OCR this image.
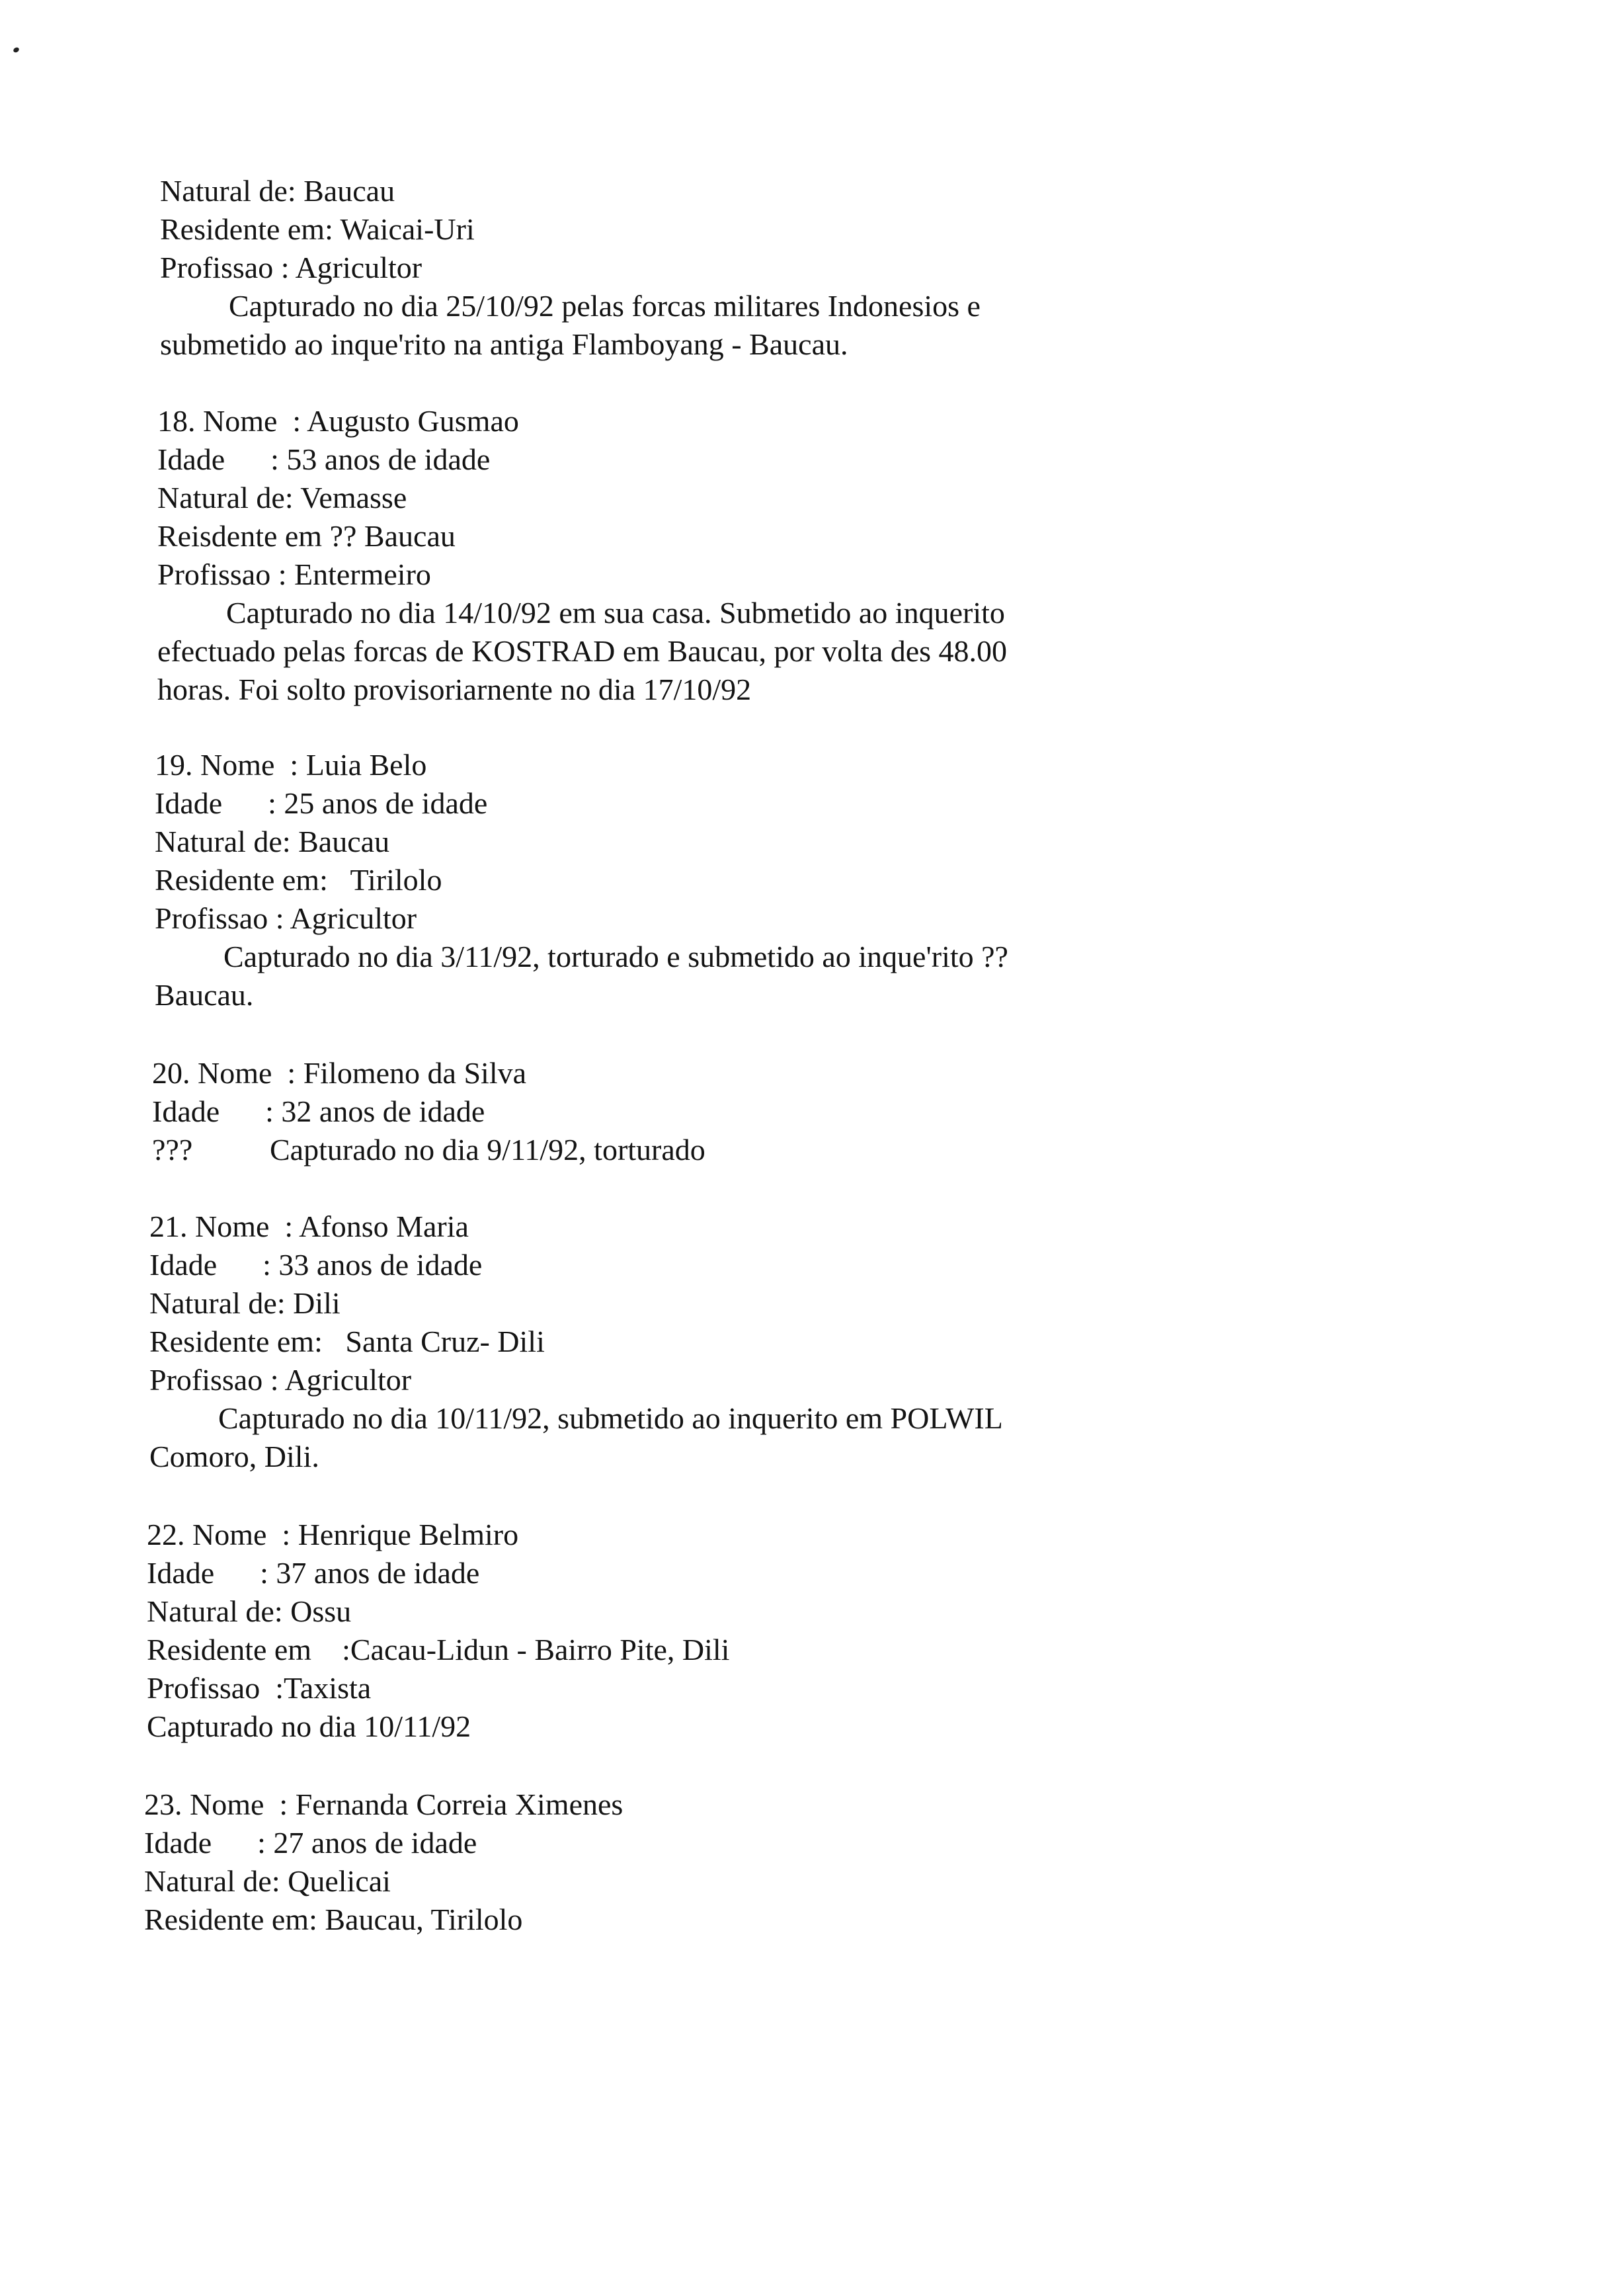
Natural de: Baucau
Residente em: Waicai-Uri
Profissao : Agricultor
Capturado no dia 25/10/92 pelas forcas militares Indonesios e
submetido ao inque'rito na antiga Flamboyang - Baucau.
18. Nome  : Augusto Gusmao
Idade      : 53 anos de idade
Natural de: Vemasse
Reisdente em ?? Baucau
Profissao : Entermeiro
Capturado no dia 14/10/92 em sua casa. Submetido ao inquerito
efectuado pelas forcas de KOSTRAD em Baucau, por volta des 48.00
horas. Foi solto provisoriarnente no dia 17/10/92
19. Nome  : Luia Belo
Idade      : 25 anos de idade
Natural de: Baucau
Residente em:   Tirilolo
Profissao : Agricultor
Capturado no dia 3/11/92, torturado e submetido ao inque'rito ??
Baucau.
20. Nome  : Filomeno da Silva
Idade      : 32 anos de idade
???	Capturado no dia 9/11/92, torturado
21. Nome  : Afonso Maria
Idade      : 33 anos de idade
Natural de: Dili
Residente em:   Santa Cruz- Dili
Profissao : Agricultor
Capturado no dia 10/11/92, submetido ao inquerito em POLWIL
Comoro, Dili.
22. Nome  : Henrique Belmiro
Idade      : 37 anos de idade
Natural de: Ossu
Residente em    :Cacau-Lidun - Bairro Pite, Dili
Profissao  :Taxista
Capturado no dia 10/11/92
23. Nome  : Fernanda Correia Ximenes
Idade      : 27 anos de idade
Natural de: Quelicai
Residente em: Baucau, Tirilolo
